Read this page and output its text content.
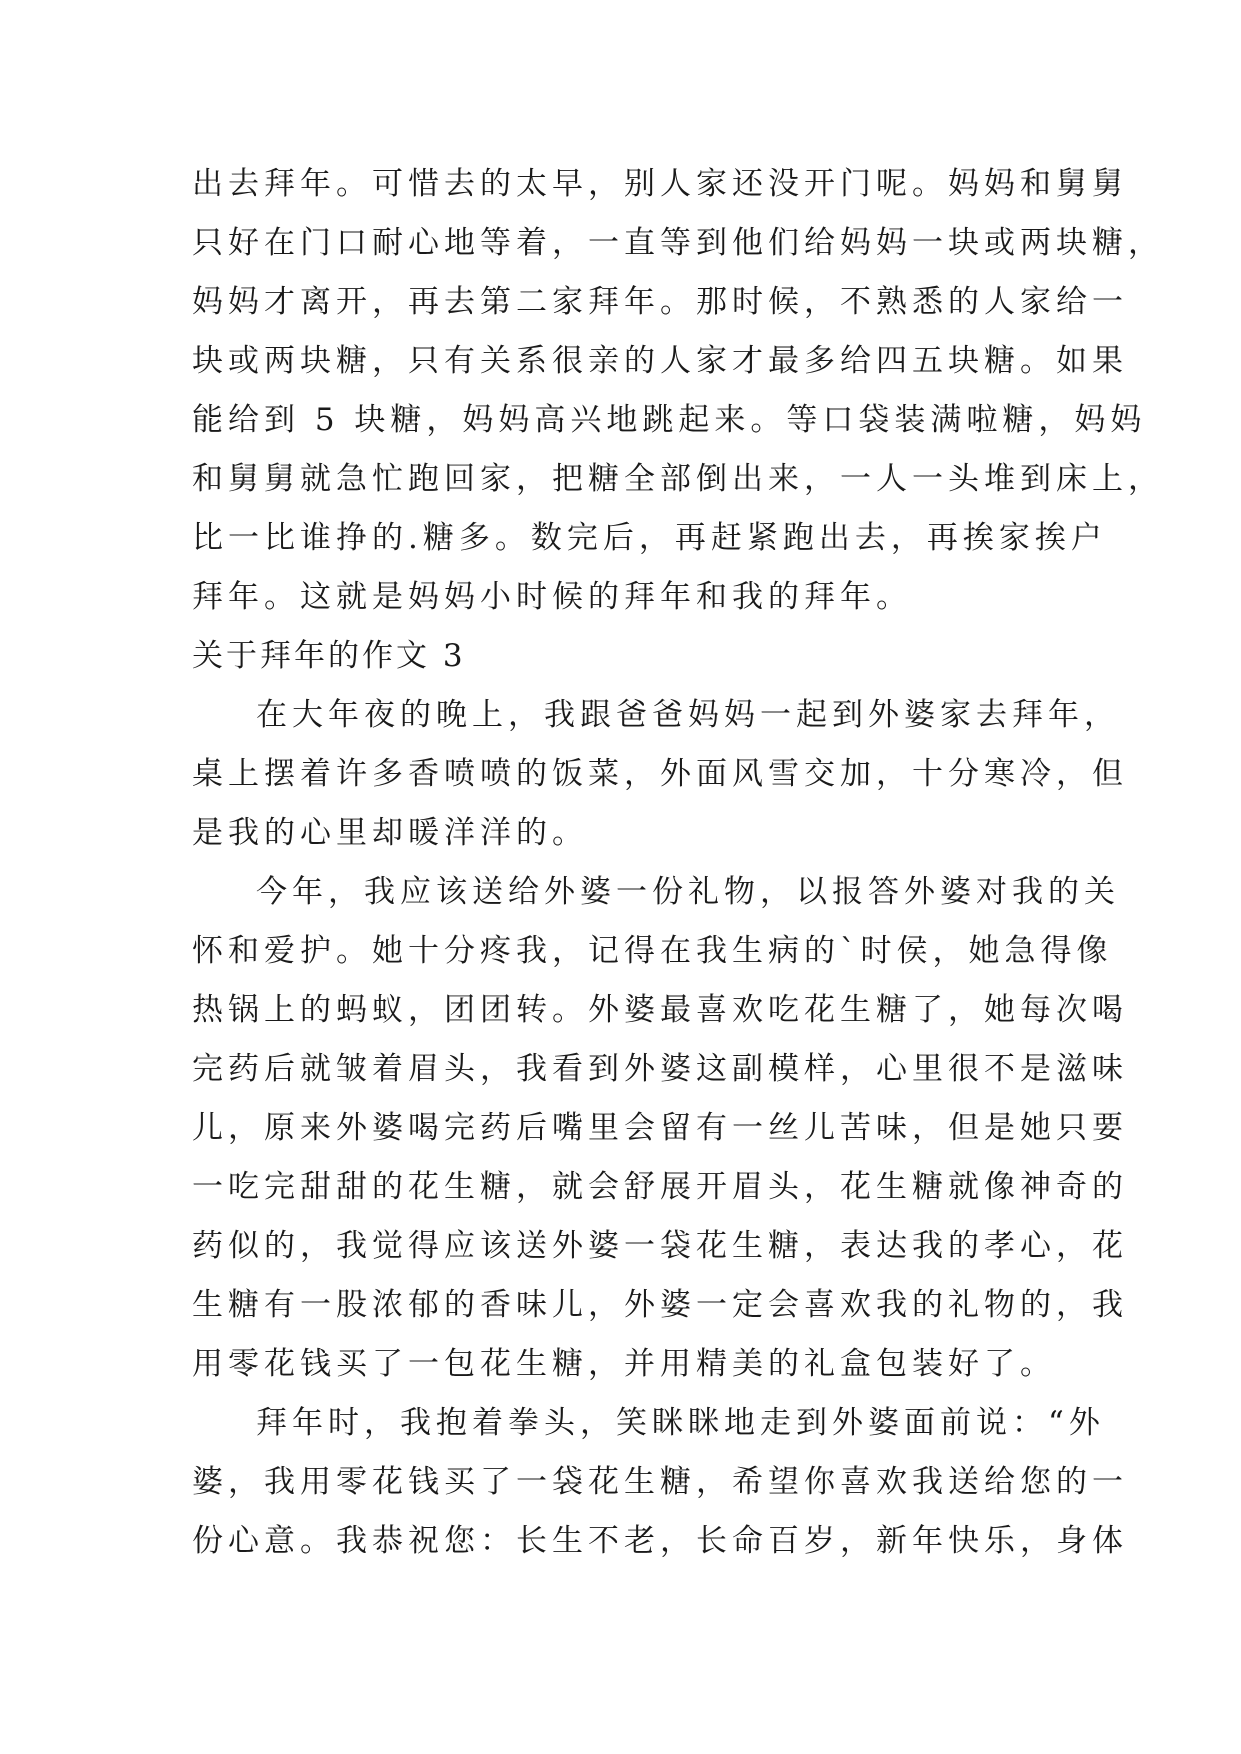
出去拜年。可惜去的太早，别人家还没开门呢。妈妈和舅舅
只好在门口耐心地等着，一直等到他们给妈妈一块或两块糖，
妈妈才离开，再去第二家拜年。那时候，不熟悉的人家给一
块或两块糖，只有关系很亲的人家才最多给四五块糖。如果
能给到 5 块糖，妈妈高兴地跳起来。等口袋装满啦糖，妈妈
和舅舅就急忙跑回家，把糖全部倒出来，一人一头堆到床上，
比一比谁挣的.糖多。数完后，再赶紧跑出去，再挨家挨户
拜年。这就是妈妈小时候的拜年和我的拜年。
关于拜年的作文 3
在大年夜的晚上，我跟爸爸妈妈一起到外婆家去拜年，
桌上摆着许多香喷喷的饭菜，外面风雪交加，十分寒冷，但
是我的心里却暖洋洋的。
今年，我应该送给外婆一份礼物，以报答外婆对我的关
怀和爱护。她十分疼我，记得在我生病的`时侯，她急得像
热锅上的蚂蚁，团团转。外婆最喜欢吃花生糖了，她每次喝
完药后就皱着眉头，我看到外婆这副模样，心里很不是滋味
儿，原来外婆喝完药后嘴里会留有一丝儿苦味，但是她只要
一吃完甜甜的花生糖，就会舒展开眉头，花生糖就像神奇的
药似的，我觉得应该送外婆一袋花生糖，表达我的孝心，花
生糖有一股浓郁的香味儿，外婆一定会喜欢我的礼物的，我
用零花钱买了一包花生糖，并用精美的礼盒包装好了。
拜年时，我抱着拳头，笑眯眯地走到外婆面前说：“外
婆，我用零花钱买了一袋花生糖，希望你喜欢我送给您的一
份心意。我恭祝您：长生不老，长命百岁，新年快乐，身体
